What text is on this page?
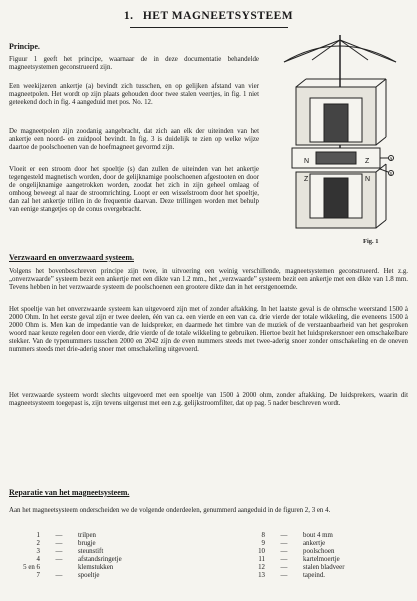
1. HET MAGNEETSYSTEEM
Principe.
Figuur 1 geeft het principe, waarnaar de in deze documentatie behandelde magneetsystemen geconstrueerd zijn.
Een weekijzeren ankertje (a) bevindt zich tusschen, en op gelijken afstand van vier magneetpolen. Het wordt op zijn plaats gehouden door twee stalen veertjes, in fig. 1 niet geteekend doch in fig. 4 aangeduid met pos. No. 12.
De magneetpolen zijn zoodanig aangebracht, dat zich aan elk der uiteinden van het ankertje een noord- en zuidpool bevindt. In fig. 3 is duidelijk te zien op welke wijze daartoe de poolschoenen van de hoefmagneet gevormd zijn.
Vloeit er een stroom door het spoeltje (s) dan zullen de uiteinden van het ankertje tegengesteld magnetisch worden, door de gelijknamige poolschoenen afgestooten en door de ongelijknamige aangetrokken worden, zoodat het zich in zijn geheel omlaag of omhoog beweegt al naar de stroomrichting. Loopt er een wisselstroom door het spoeltje, dan zal het ankertje trillen in de frequentie daarvan. Deze trillingen worden met behulp van eenige stangetjes op de conus overgebracht.
N	Z
Z	N
a
s
Fig. 1
Verzwaard en onverzwaard systeem.
Volgens het bovenbeschreven principe zijn twee, in uitvoering een weinig verschillende, magneetsystemen geconstrueerd. Het z.g. „onverzwaarde” systeem bezit een ankertje met een dikte van 1.2 mm., het „verzwaarde” systeem bezit een ankertje met een dikte van 1.8 mm. Tevens hebben in het verzwaarde systeem de poolschoenen een grootere dikte dan in het eerstgenoemde.
Het spoeltje van het onverzwaarde systeem kan uitgevoerd zijn met of zonder aftakking. In het laatste geval is de ohmsche weerstand 1500 à 2000 Ohm. In het eerste geval zijn er twee deelen, één van ca. een vierde en een van ca. drie vierde der totale wikkeling, die eveneens 1500 à 2000 Ohm is. Men kan de impedantie van de luidspreker, en daarmede het timbre van de muziek of de verstaanbaarheid van het gesproken woord naar keuze regelen door een vierde, drie vierde of de totale wikkeling te gebruiken. Hiertoe bezit het luidsprekersnoer een omschakelbare stekker. Van de typenummers tusschen 2000 en 2042 zijn de even nummers steeds met twee-aderig snoer zonder omschakeling en de oneven nummers steeds met drie-aderig snoer met omschakeling uitgevoerd.
Het verzwaarde systeem wordt slechts uitgevoerd met een spoeltje van 1500 à 2000 ohm, zonder aftakking. De luidsprekers, waarin dit magneetsysteem toegepast is, zijn tevens uitgerust met een z.g. gelijkstroomfilter, dat op pag. 5 nader beschreven wordt.
Reparatie van het magneetsysteem.
Aan het magneetsysteem onderscheiden we de volgende onderdeelen, genummerd aangeduid in de figuren 2, 3 en 4.
1	—	trilpen
2	—	brugje
3	—	steunstift
4	—	afstandsringetje
5 en 6	klemstukken
7	—	spoeltje
8	—	bout 4 mm
9	—	ankertje
10	—	poolschoen
11	—	kartelmoertje
12	—	stalen bladveer
13	—	tapeind.
